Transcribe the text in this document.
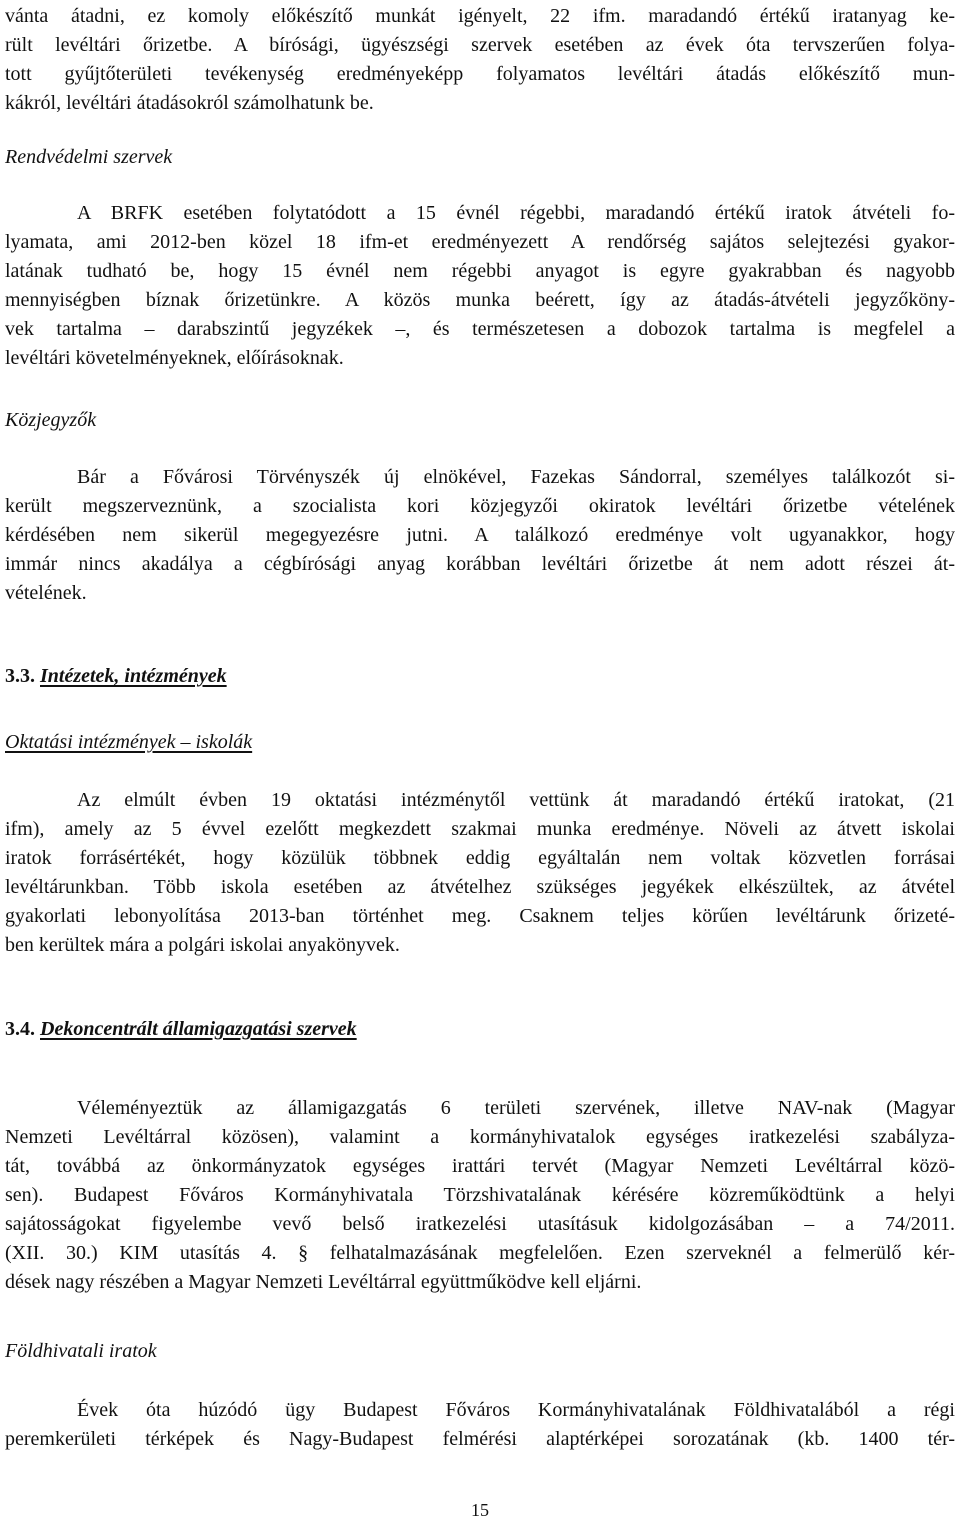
vánta átadni, ez komoly előkészítő munkát igényelt, 22 ifm. maradandó értékű iratanyag ke-
rült levéltári őrizetbe. A bírósági, ügyészségi szervek esetében az évek óta tervszerűen folya-
tott gyűjtőterületi tevékenység eredményeképp folyamatos levéltári átadás előkészítő mun-
kákról, levéltári átadásokról számolhatunk be.
Rendvédelmi szervek
A BRFK esetében folytatódott a 15 évnél régebbi, maradandó értékű iratok átvételi fo-
lyamata, ami 2012-ben közel 18 ifm-et eredményezett A rendőrség sajátos selejtezési gyakor-
latának tudható be, hogy 15 évnél nem régebbi anyagot is egyre gyakrabban és nagyobb
mennyiségben bíznak őrizetünkre. A közös munka beérett, így az átadás-átvételi jegyzőköny-
vek tartalma – darabszintű jegyzékek –, és természetesen a dobozok tartalma is megfelel a
levéltári követelményeknek, előírásoknak.
Közjegyzők
Bár a Fővárosi Törvényszék új elnökével, Fazekas Sándorral, személyes találkozót si-
került megszerveznünk, a szocialista kori közjegyzői okiratok levéltári őrizetbe vételének
kérdésében nem sikerül megegyezésre jutni. A találkozó eredménye volt ugyanakkor, hogy
immár nincs akadálya a cégbírósági anyag korábban levéltári őrizetbe át nem adott részei át-
vételének.
3.3. Intézetek, intézmények
Oktatási intézmények – iskolák
Az elmúlt évben 19 oktatási intézménytől vettünk át maradandó értékű iratokat, (21
ifm), amely az 5 évvel ezelőtt megkezdett szakmai munka eredménye. Növeli az átvett iskolai
iratok forrásértékét, hogy közülük többnek eddig egyáltalán nem voltak közvetlen forrásai
levéltárunkban. Több iskola esetében az átvételhez szükséges jegyékek elkészültek, az átvétel
gyakorlati lebonyolítása 2013-ban történhet meg. Csaknem teljes körűen levéltárunk őrizeté-
ben kerültek mára a polgári iskolai anyakönyvek.
3.4. Dekoncentrált államigazgatási szervek
Véleményeztük az államigazgatás 6 területi szervének, illetve NAV-nak (Magyar
Nemzeti Levéltárral közösen), valamint a kormányhivatalok egységes iratkezelési szabályza-
tát, továbbá az önkormányzatok egységes irattári tervét (Magyar Nemzeti Levéltárral közö-
sen). Budapest Főváros Kormányhivatala Törzshivatalának kérésére közreműködtünk a helyi
sajátosságokat figyelembe vevő belső iratkezelési utasításuk kidolgozásában – a 74/2011.
(XII. 30.) KIM utasítás 4. § felhatalmazásának megfelelően. Ezen szerveknél a felmerülő kér-
dések nagy részében a Magyar Nemzeti Levéltárral együttműködve kell eljárni.
Földhivatali iratok
Évek óta húzódó ügy Budapest Főváros Kormányhivatalának Földhivatalából a régi
peremkerületi térképek és Nagy-Budapest felmérési alaptérképei sorozatának (kb. 1400 tér-
15
